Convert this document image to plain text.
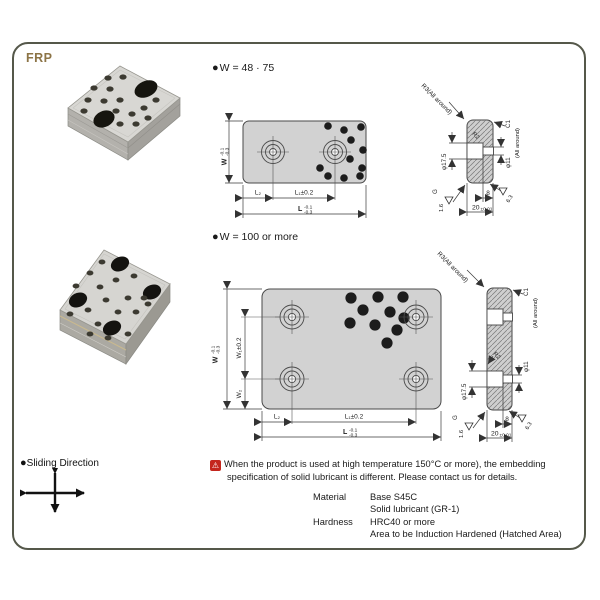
FRP
●W = 48 · 75
W
-0.1 -0.3
L₂	L₁±0.2
L -0.1
-0.3
R3(All around)
R2
C1
(All around)
φ11
φ17.5
G
1.6
6.3
8
20 ±0.01
●W = 100 or more
W
-0.1 -0.3 W₁±0.2
W₂
L₂	L₁±0.2
L -0.1
-0.3
R3(All around)
R2
C1
(All around)
φ11
φ17.5
G
1.6
6.3
8
20 ±0.01
●Sliding Direction	⚠ When the product is used at high temperature 150°C or more), the embedding
specification of solid lubricant is different. Please contact us for details.
Material	Base S45C
Solid lubricant (GR-1)
Hardness	HRC40 or more
Area to be Induction Hardened (Hatched Area)
